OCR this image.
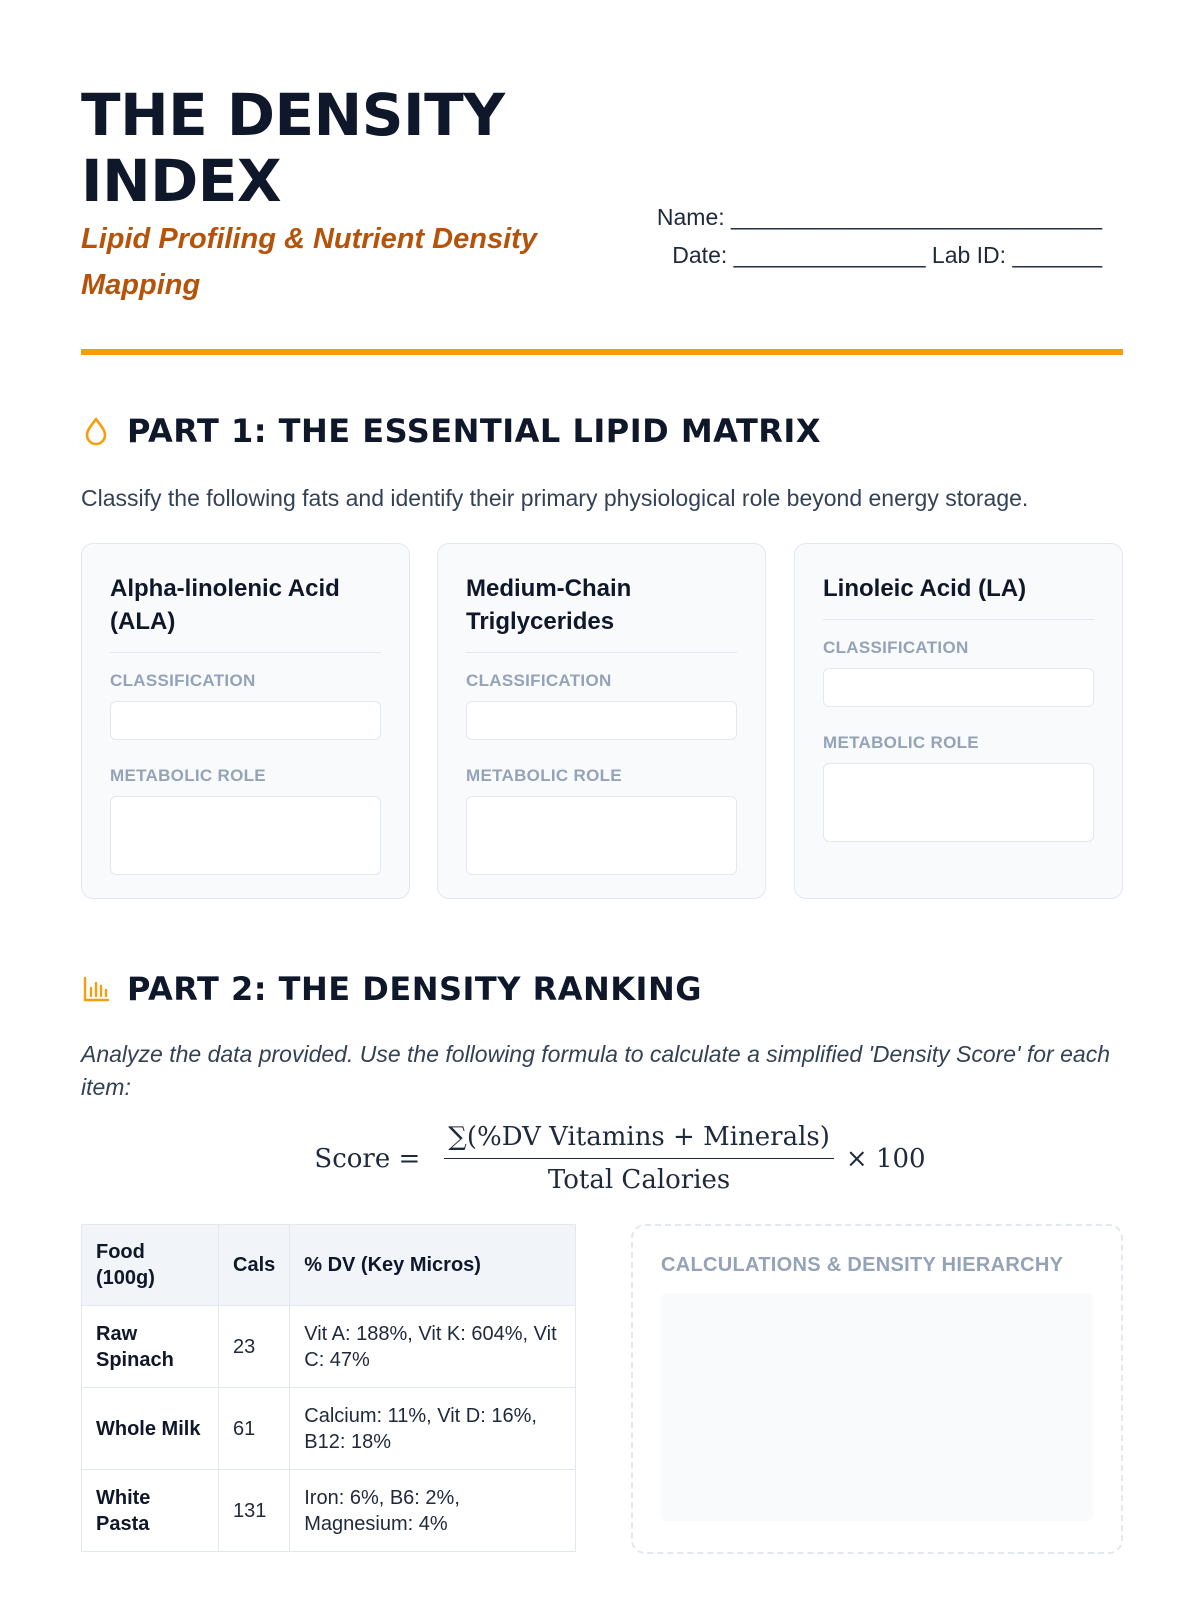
THE DENSITY INDEX
Lipid Profiling & Nutrient Density Mapping
Name: _____________________________
Date: _______________ Lab ID: _______
PART 1: THE ESSENTIAL LIPID MATRIX

Classify the following fats and identify their primary physiological role beyond energy storage.

Alpha-linolenic Acid (ALA)
CLASSIFICATION
METABOLIC ROLE
Medium-Chain Triglycerides
CLASSIFICATION
METABOLIC ROLE
Linoleic Acid (LA)
CLASSIFICATION
METABOLIC ROLE
PART 2: THE DENSITY RANKING

Analyze the data provided. Use the following formula to calculate a simplified 'Density Score' for each item:

Score = $\frac{\text{∑(\%DV Vitamins + Minerals)}}{\text{Total Calories}} \times 100$
Food (100g)	Cals	% DV (Key Micros)
Raw Spinach	23	Vit A: 188%, Vit K: 604%, Vit C: 47%
Whole Milk	61	Calcium: 11%, Vit D: 16%, B12: 18%
White Pasta	131	Iron: 6%, B6: 2%, Magnesium: 4%
CALCULATIONS & DENSITY HIERARCHY
